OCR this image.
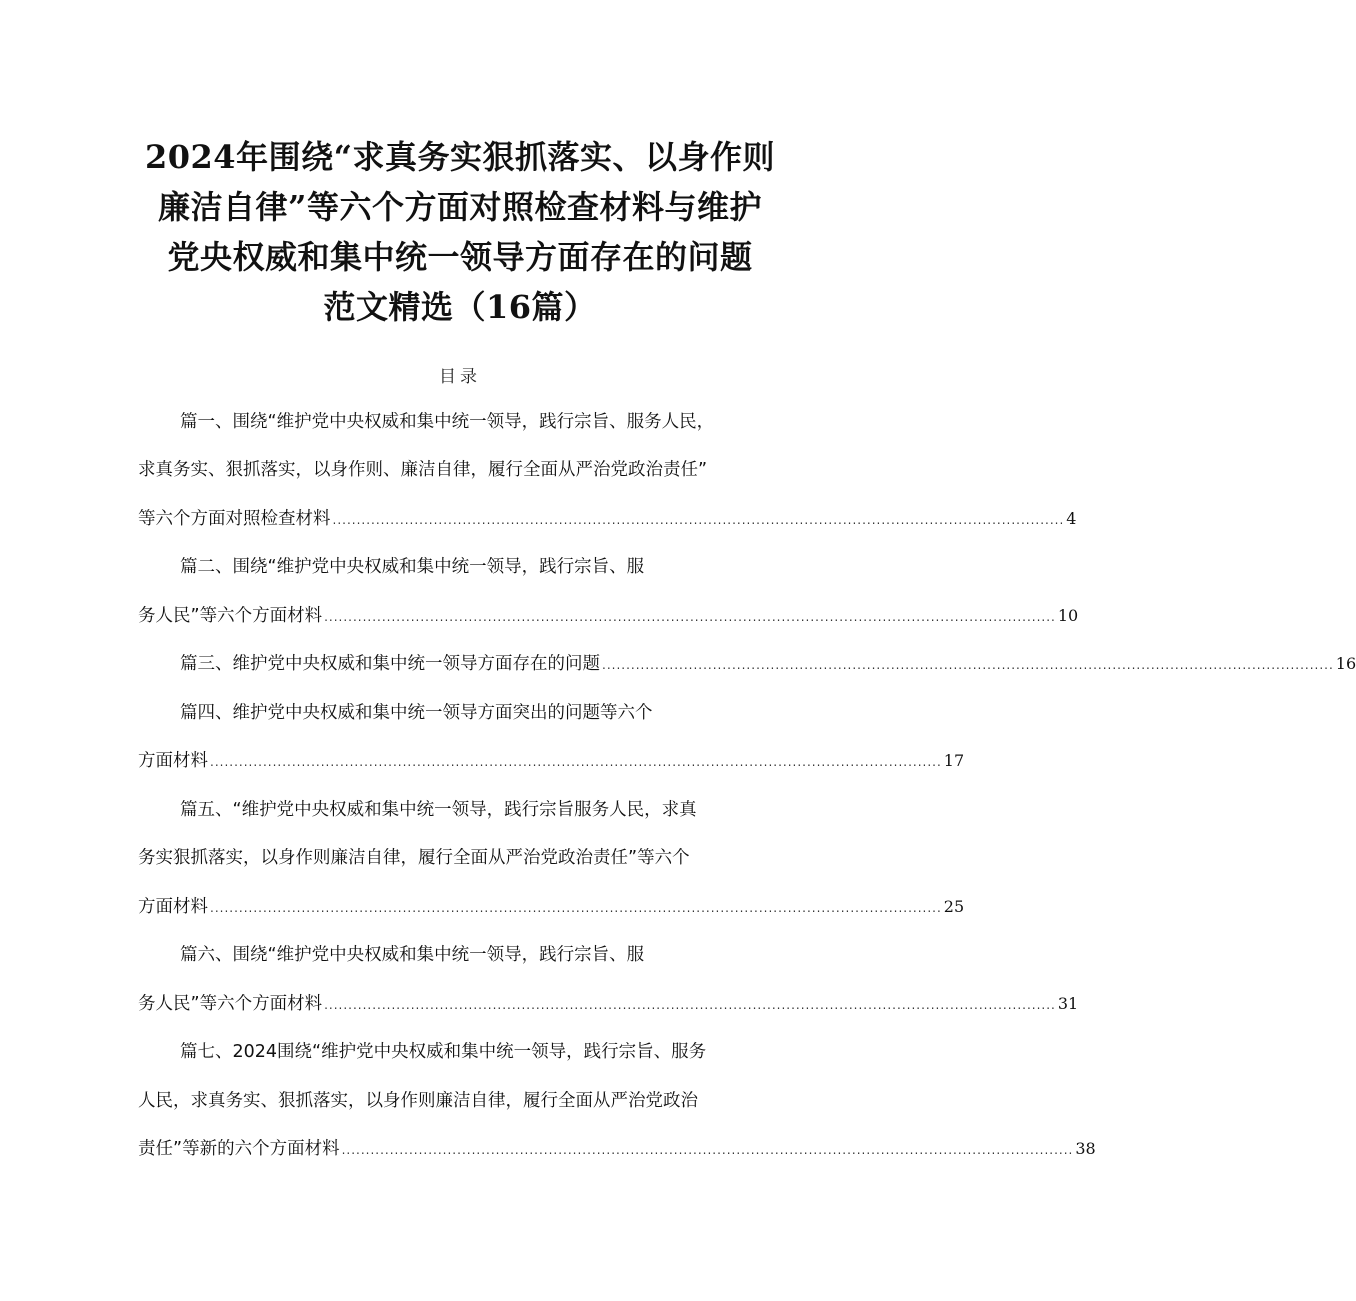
2024年围绕“求真务实狠抓落实、以身作则
廉洁自律”等六个方面对照检查材料与维护
党央权威和集中统一领导方面存在的问题
范文精选（16篇）
目录
篇一、围绕“维护党中央权威和集中统一领导，践行宗旨、服务人民，
求真务实、狠抓落实，以身作则、廉洁自律，履行全面从严治党政治责任”
等六个方面对照检查材料 ........................................................................................................................................................ 4
篇二、围绕“维护党中央权威和集中统一领导，践行宗旨、服
务人民”等六个方面材料 ........................................................................................................................................................ 10
篇三、维护党中央权威和集中统一领导方面存在的问题 ........................................................................................................................................................ 16
篇四、维护党中央权威和集中统一领导方面突出的问题等六个
方面材料 ........................................................................................................................................................ 17
篇五、“维护党中央权威和集中统一领导，践行宗旨服务人民，求真
务实狠抓落实，以身作则廉洁自律，履行全面从严治党政治责任”等六个
方面材料 ........................................................................................................................................................ 25
篇六、围绕“维护党中央权威和集中统一领导，践行宗旨、服
务人民”等六个方面材料 ........................................................................................................................................................ 31
篇七、2024围绕“维护党中央权威和集中统一领导，践行宗旨、服务
人民，求真务实、狠抓落实，以身作则廉洁自律，履行全面从严治党政治
责任”等新的六个方面材料 ........................................................................................................................................................ 38
